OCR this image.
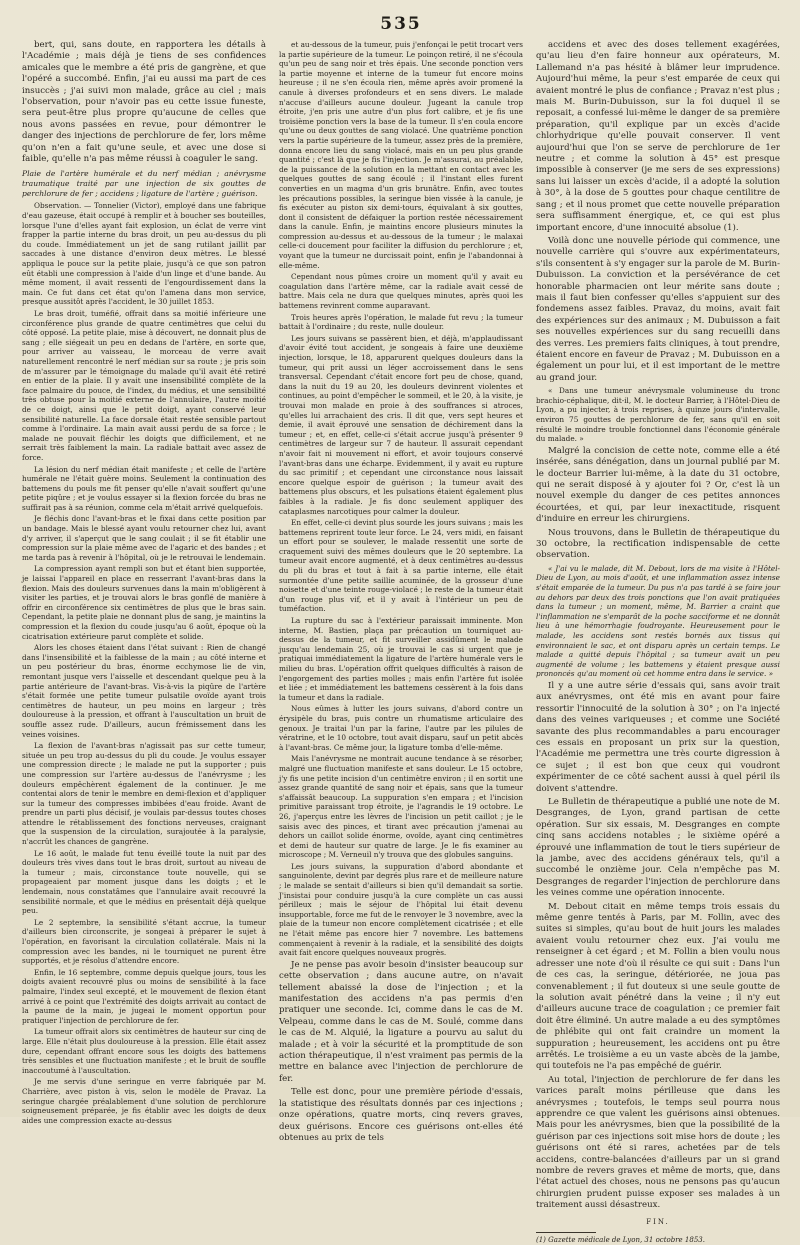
535

bert, qui, sans doute, en rapportera les détails à l'Académie ; mais déjà je tiens de ses confidences amicales que le membre a été pris de gangrène, et que l'opéré a succombé. Enfin, j'ai eu aussi ma part de ces insuccès ; j'ai suivi mon malade, grâce au ciel ; mais l'observation, pour n'avoir pas eu cette issue funeste, sera peut-être plus propre qu'aucune de celles que nous avons passées en revue, pour démontrer le danger des injections de perchlorure de fer, lors même qu'on n'en a fait qu'une seule, et avec une dose si faible, qu'elle n'a pas même réussi à coaguler le sang.

Plaie de l'artère humérale et du nerf médian ; anévrysme traumatique traité par une injection de six gouttes de perchlorure de fer ; accidens ; ligature de l'artère ; guérison.

Observation. — Tonnelier (Victor), employé dans une fabrique d'eau gazeuse, était occupé à remplir et à boucher ses bouteilles, lorsque l'une d'elles ayant fait explosion, un éclat de verre vint frapper la partie interne du bras droit, un peu au-dessus du pli du coude. Immédiatement un jet de sang rutilant jaillit par saccades à une distance d'environ deux mètres. Le blessé appliqua le pouce sur la petite plaie, jusqu'à ce que son patron eût établi une compression à l'aide d'un linge et d'une bande. Au même moment, il avait ressenti de l'engourdissement dans la main. Ce fut dans cet état qu'on l'amena dans mon service, presque aussitôt après l'accident, le 30 juillet 1853.

Le bras droit, tuméfié, offrait dans sa moitié inférieure une circonférence plus grande de quatre centimètres que celui du côté opposé. La petite plaie, mise à découvert, ne donnait plus de sang ; elle siégeait un peu en dedans de l'artère, en sorte que, pour arriver au vaisseau, le morceau de verre avait naturellement rencontré le nerf médian sur sa route ; je pris soin de m'assurer par le témoignage du malade qu'il avait été retiré en entier de la plaie. Il y avait une insensibilité complète de la face palmaire du pouce, de l'index, du médius, et une sensibilité très obtuse pour la moitié externe de l'annulaire, l'autre moitié de ce doigt, ainsi que le petit doigt, ayant conservé leur sensibilité naturelle. La face dorsale était restée sensible partout comme à l'ordinaire. La main avait aussi perdu de sa force ; le malade ne pouvait fléchir les doigts que difficilement, et ne serrait très faiblement la main. La radiale battait avec assez de force.

La lésion du nerf médian était manifeste ; et celle de l'artère humérale ne l'était guère moins. Seulement la continuation des battemens du pouls me fit penser qu'elle n'avait souffert qu'une petite piqûre ; et je voulus essayer si la flexion forcée du bras ne suffirait pas à sa réunion, comme cela m'était arrivé quelquefois.

Je fléchis donc l'avant-bras et le fixai dans cette position par un bandage. Mais le blessé ayant voulu retourner chez lui, avant d'y arriver, il s'aperçut que le sang coulait ; il se fit établir une compression sur la plaie même avec de l'agaric et des bandes ; et me tarda pas à revenir à l'hôpital, où je le retrouvai le lendemain.

La compression ayant rempli son but et étant bien supportée, je laissai l'appareil en place en resserrant l'avant-bras dans la flexion. Mais des douleurs survenues dans la main m'obligèrent à visiter les parties, et je trouvai alors le bras gonflé de manière à offrir en circonférence six centimètres de plus que le bras sain. Cependant, la petite plaie ne donnant plus de sang, je maintins la compression et la flexion du coude jusqu'au 6 août, époque où la cicatrisation extérieure parut complète et solide.

Alors les choses étaient dans l'état suivant : Rien de changé dans l'insensibilité et la faiblesse de la main ; au côté interne et un peu postérieur du bras, énorme ecchymose lie de vin, remontant jusque vers l'aisselle et descendant quelque peu à la partie antérieure de l'avant-bras. Vis-à-vis la piqûre de l'artère s'était formée une petite tumeur pulsatile ovoïde ayant trois centimètres de hauteur, un peu moins en largeur ; très douloureuse à la pression, et offrant à l'auscultation un bruit de souffle assez rude. D'ailleurs, aucun frémissement dans les veines voisines.

La flexion de l'avant-bras n'agissait pas sur cette tumeur, située un peu trop au-dessus du pli du coude. Je voulus essayer une compression directe ; le malade ne put la supporter ; puis une compression sur l'artère au-dessus de l'anévrysme ; les douleurs empêchèrent également de la continuer. Je me contentai alors de tenir le membre en demi-flexion et d'appliquer sur la tumeur des compresses imbibées d'eau froide. Avant de prendre un parti plus décisif, je voulais par-dessus toutes choses attendre le rétablissement des fonctions nerveuses, craignant que la suspension de la circulation, surajoutée à la paralysie, n'accrût les chances de gangrène.

Le 16 août, le malade fut tenu éveillé toute la nuit par des douleurs très vives dans tout le bras droit, surtout au niveau de la tumeur ; mais, circonstance toute nouvelle, qui se propageaient par moment jusque dans les doigts ; et le lendemain, nous constatâmes que l'annulaire avait recouvré la sensibilité normale, et que le médius en présentait déjà quelque peu.

Le 2 septembre, la sensibilité s'étant accrue, la tumeur d'ailleurs bien circonscrite, je songeai à préparer le sujet à l'opération, en favorisant la circulation collatérale. Mais ni la compression avec les bandes, ni le tourniquet ne purent être supportés, et je résolus d'attendre encore.

Enfin, le 16 septembre, comme depuis quelque jours, tous les doigts avaient recouvré plus ou moins de sensibilité à la face palmaire, l'index seul excepté, et le mouvement de flexion étant arrivé à ce point que l'extrémité des doigts arrivait au contact de la paume de la main, je jugeai le moment opportun pour pratiquer l'injection de perchlorure de fer.

La tumeur offrait alors six centimètres de hauteur sur cinq de large. Elle n'était plus douloureuse à la pression. Elle était assez dure, cependant offrant encore sous les doigts des battemens très sensibles et une fluctuation manifeste ; et le bruit de souffle inaccoutumé à l'auscultation.

Je me servis d'une seringue en verre fabriquée par M. Charrière, avec piston à vis, selon le modèle de Pravaz. La seringue chargée préalablement d'une solution de perchlorure soigneusement préparée, je fis établir avec les doigts de deux aides une compression exacte au-dessus

et au-dessous de la tumeur, puis j'enfonçai le petit trocart vers la partie supérieure de la tumeur. Le poinçon retiré, il ne s'écoula qu'un peu de sang noir et très épais. Une seconde ponction vers la partie moyenne et interne de la tumeur fut encore moins heureuse ; il ne s'en écoula rien, même après avoir promené la canule à diverses profondeurs et en sens divers. Le malade n'accuse d'ailleurs aucune douleur. Jugeant la canule trop étroite, j'en pris une autre d'un plus fort calibre, et je fis une troisième ponction vers la base de la tumeur. Il s'en coula encore qu'une ou deux gouttes de sang violacé. Une quatrième ponction vers la partie supérieure de la tumeur, assez près de la première, donna encore lieu du sang violacé, mais en un peu plus grande quantité ; c'est là que je fis l'injection. Je m'assurai, au préalable, de la puissance de la solution en la mettant en contact avec les quelques gouttes de sang écoulé ; il l'instant elles furent converties en un magma d'un gris brunâtre. Enfin, avec toutes les précautions possibles, la seringue bien vissée à la canule, je fis exécuter au piston six demi-tours, équivalant à six gouttes, dont il consistent de défaiquer la portion restée nécessairement dans la canule. Enfin, je maintins encore plusieurs minutes la compression au-dessus et au-dessous de la tumeur ; le malaxai celle-ci doucement pour faciliter la diffusion du perchlorure ; et, voyant que la tumeur ne durcissait point, enfin je l'abandonnai à elle-même.

Cependant nous pûmes croire un moment qu'il y avait eu coagulation dans l'artère même, car la radiale avait cessé de battre. Mais cela ne dura que quelques minutes, après quoi les battemens revinrent comme auparavant.

Trois heures après l'opération, le malade fut revu ; la tumeur battait à l'ordinaire ; du reste, nulle douleur.

Les jours suivans se passèrent bien, et déjà, m'applaudissant d'avoir évité tout accident, je songeais à faire une deuxième injection, lorsque, le 18, apparurent quelques douleurs dans la tumeur, qui prit aussi un léger accroissement dans le sens transversal. Cependant c'était encore fort peu de chose, quand, dans la nuit du 19 au 20, les douleurs devinrent violentes et continues, au point d'empêcher le sommeil, et le 20, à la visite, je trouvai mon malade en proie à des souffrances si atroces, qu'elles lui arrachaient des cris. Il dit que, vers sept heures et demie, il avait éprouvé une sensation de déchirement dans la tumeur ; et, en effet, celle-ci s'était accrue jusqu'à présenter 9 centimètres de largeur sur 7 de hauteur. Il assurait cependant n'avoir fait ni mouvement ni effort, et avoir toujours conservé l'avant-bras dans une écharpe. Evidemment, il y avait eu rupture du sac primitif ; et cependant une circonstance nous laissait encore quelque espoir de guérison ; la tumeur avait des battemens plus obscurs, et les pulsations étaient également plus faibles à la radiale. Je fis donc seulement appliquer des cataplasmes narcotiques pour calmer la douleur.

En effet, celle-ci devint plus sourde les jours suivans ; mais les battemens reprirent toute leur force. Le 24, vers midi, en faisant un effort pour se soulever, le malade ressentit une sorte de craquement suivi des mêmes douleurs que le 20 septembre. La tumeur avait encore augmenté, et à deux centimètres au-dessus du pli du bras et tout à fait à sa partie interne, elle était surmontée d'une petite saillie acuminée, de la grosseur d'une noisette et d'une teinte rouge-violacé ; le reste de la tumeur était d'un rouge plus vif, et il y avait à l'intérieur un peu de tuméfaction.

La rupture du sac à l'extérieur paraissait imminente. Mon interne, M. Bastien, plaça par précaution un tourniquet au-dessus de la tumeur, et fit surveiller assidûment le malade jusqu'au lendemain 25, où je trouvai le cas si urgent que je pratiquai immédiatement la ligature de l'artère humérale vers le milieu du bras. L'opération offrit quelques difficultés à raison de l'engorgement des parties molles ; mais enfin l'artère fut isolée et liée ; et immédiatement les battemens cessèrent à la fois dans la tumeur et dans la radiale.

Nous eûmes à lutter les jours suivans, d'abord contre un érysipèle du bras, puis contre un rhumatisme articulaire des genoux. Je traitai l'un par la farine, l'autre par les pilules de vératrine, et le 10 octobre, tout avait disparu, sauf un petit abcès à l'avant-bras. Ce même jour, la ligature tomba d'elle-même.

Mais l'anévrysme ne montrait aucune tendance à se résorber, malgré une fluctuation manifeste et sans douleur. Le 15 octobre, j'y fis une petite incision d'un centimètre environ ; il en sortit une assez grande quantité de sang noir et épais, sans que la tumeur s'affaissât beaucoup. La suppuration s'en empara ; et l'incision primitive paraissant trop étroite, je l'agrandis le 19 octobre. Le 26, j'aperçus entre les lèvres de l'incision un petit caillot ; je le saisis avec des pinces, et tirant avec précaution j'amenai au dehors un caillot solide énorme, ovoïde, ayant cinq centimètres et demi de hauteur sur quatre de large. Je le fis examiner au microscope ; M. Verneuil n'y trouva que des globules sanguins.

Les jours suivans, la suppuration d'abord abondante et sanguinolente, devint par degrés plus rare et de meilleure nature ; le malade se sentait d'ailleurs si bien qu'il demandait sa sortie. J'insistai pour conduire jusqu'à la cure complète un cas aussi périlleux ; mais le séjour de l'hôpital lui était devenu insupportable, force me fut de le renvoyer le 3 novembre, avec la plaie de la tumeur non encore complètement cicatrisée ; et elle ne l'était même pas encore hier 7 novembre. Les battemens commençaient à revenir à la radiale, et la sensibilité des doigts avait fait encore quelques nouveaux progrès.

Je ne pense pas avoir besoin d'insister beaucoup sur cette observation ; dans aucune autre, on n'avait tellement abaissé la dose de l'injection ; et la manifestation des accidens n'a pas permis d'en pratiquer une seconde. Ici, comme dans le cas de M. Velpeau, comme dans le cas de M. Soulé, comme dans le cas de M. Alquié, la ligature a pourvu au salut du malade ; et à voir la sécurité et la promptitude de son action thérapeutique, il n'est vraiment pas permis de la mettre en balance avec l'injection de perchlorure de fer.

Telle est donc, pour une première période d'essais, la statistique des résultats donnés par ces injections ; onze opérations, quatre morts, cinq revers graves, deux guérisons. Encore ces guérisons ont-elles été obtenues au prix de tels

accidens et avec des doses tellement exagérées, qu'au lieu d'en faire honneur aux opérateurs, M. Lallemand n'a pas hésité à blâmer leur imprudence. Aujourd'hui même, la peur s'est emparée de ceux qui avaient montré le plus de confiance ; Pravaz n'est plus ; mais M. Burin-Dubuisson, sur la foi duquel il se reposait, a confessé lui-même le danger de sa première préparation, qu'il explique par un excès d'acide chlorhydrique qu'elle pouvait conserver. Il vent aujourd'hui que l'on se serve de perchlorure de 1er neutre ; et comme la solution à 45° est presque impossible à conserver (je me sers de ses expressions) sans lui laisser un excès d'acide, il a adopté la solution à 30°, à la dose de 5 gouttes pour chaque centilitre de sang ; et il nous promet que cette nouvelle préparation sera suffisamment énergique, et, ce qui est plus important encore, d'une innocuité absolue (1).

Voilà donc une nouvelle période qui commence, une nouvelle carrière qui s'ouvre aux expérimentateurs, s'ils consentent à s'y engager sur la parole de M. Burin-Dubuisson. La conviction et la persévérance de cet honorable pharmacien ont leur mérite sans doute ; mais il faut bien confesser qu'elles s'appuient sur des fondemens assez faibles. Pravaz, du moins, avait fait des expériences sur des animaux ; M. Dubuisson a fait ses nouvelles expériences sur du sang recueilli dans des verres. Les premiers faits cliniques, à tout prendre, étaient encore en faveur de Pravaz ; M. Dubuisson en a également un pour lui, et il est important de le mettre au grand jour.

« Dans une tumeur anévrysmale volumineuse du tronc brachio-céphalique, dit-il, M. le docteur Barrier, à l'Hôtel-Dieu de Lyon, a pu injecter, à trois reprises, à quinze jours d'intervalle, environ 75 gouttes de perchlorure de fer, sans qu'il en soit résulté le moindre trouble fonctionnel dans l'économie générale du malade. »

Malgré la concision de cette note, comme elle a été insérée, sans dénégation, dans un journal publié par M. le docteur Barrier lui-même, à la date du 31 octobre, qui ne serait disposé à y ajouter foi ? Or, c'est là un nouvel exemple du danger de ces petites annonces écourtées, et qui, par leur inexactitude, risquent d'induire en erreur les chirurgiens.

Nous trouvons, dans le Bulletin de thérapeutique du 30 octobre, la rectification indispensable de cette observation.

« J'ai vu le malade, dit M. Debout, lors de ma visite à l'Hôtel-Dieu de Lyon, au mois d'août, et une inflammation assez intense s'était emparée de la tumeur. Du pus n'a pas tardé à se faire jour au dehors par deux des trois ponctions que l'on avait pratiquées dans la tumeur ; un moment, même, M. Barrier a craint que l'inflammation ne s'emparât de la poche sacciforme et ne donnât lieu à une hémorrhagie foudroyante. Heureusement pour le malade, les accidens sont restés bornés aux tissus qui environnaient le sac, et ont disparu après un certain temps. Le malade a quitté depuis l'hôpital ; sa tumeur avait un peu augmenté de volume ; les battemens y étaient presque aussi prononcés qu'au moment où cet homme entra dans le service. »

Il y a une autre série d'essais qui, sans avoir trait aux anévrysmes, ont été mis en avant pour faire ressortir l'innocuité de la solution à 30° ; on l'a injecté dans des veines variqueuses ; et comme une Société savante des plus recommandables a paru encourager ces essais en proposant un prix sur la question, l'Académie me permettra une très courte digression à ce sujet ; il est bon que ceux qui voudront expérimenter de ce côté sachent aussi à quel péril ils doivent s'attendre.

Le Bulletin de thérapeutique a publié une note de M. Desgranges, de Lyon, grand partisan de cette opération. Sur six essais, M. Desgranges en compte cinq sans accidens notables ; le sixième opéré a éprouvé une inflammation de tout le tiers supérieur de la jambe, avec des accidens généraux tels, qu'il a succombé le onzième jour. Cela n'empêche pas M. Desgranges de regarder l'injection de perchlorure dans les veines comme une opération innocente.

M. Debout citait en même temps trois essais du même genre tentés à Paris, par M. Follin, avec des suites si simples, qu'au bout de huit jours les malades avaient voulu retourner chez eux. J'ai voulu me renseigner à cet égard ; et M. Follin a bien voulu nous adresser une note d'où il résulte ce qui suit : Dans l'un de ces cas, la seringue, détériorée, ne joua pas convenablement ; il fut douteux si une seule goutte de la solution avait pénétré dans la veine ; il n'y eut d'ailleurs aucune trace de coagulation ; ce premier fait doit être éliminé. Un autre malade a eu des symptômes de phlébite qui ont fait craindre un moment la suppuration ; heureusement, les accidens ont pu être arrêtés. Le troisième a eu un vaste abcès de la jambe, qui toutefois ne l'a pas empêché de guérir.

Au total, l'injection de perchlorure de fer dans les varices paraît moins périlleuse que dans les anévrysmes ; toutefois, le temps seul pourra nous apprendre ce que valent les guérisons ainsi obtenues. Mais pour les anévrysmes, bien que la possibilité de la guérison par ces injections soit mise hors de doute ; les guérisons ont été si rares, achetées par de tels accidens, contre-balancées d'ailleurs par un si grand nombre de revers graves et même de morts, que, dans l'état actuel des choses, nous ne pensons pas qu'aucun chirurgien prudent puisse exposer ses malades à un traitement aussi désastreux.

FIN.
(1) Gazette médicale de Lyon, 31 octobre 1853.
